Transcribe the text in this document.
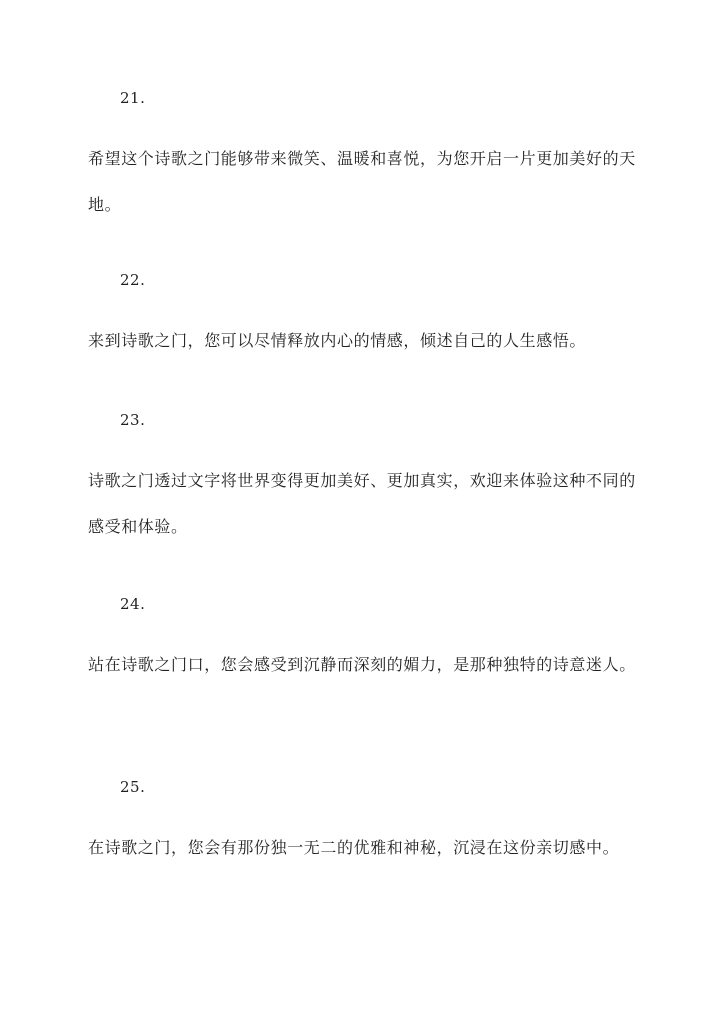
21.
希望这个诗歌之门能够带来微笑、温暖和喜悦，为您开启一片更加美好的天地。
22.
来到诗歌之门，您可以尽情释放内心的情感，倾述自己的人生感悟。
23.
诗歌之门透过文字将世界变得更加美好、更加真实，欢迎来体验这种不同的感受和体验。
24.
站在诗歌之门口，您会感受到沉静而深刻的媚力，是那种独特的诗意迷人。
25.
在诗歌之门，您会有那份独一无二的优雅和神秘，沉浸在这份亲切感中。
